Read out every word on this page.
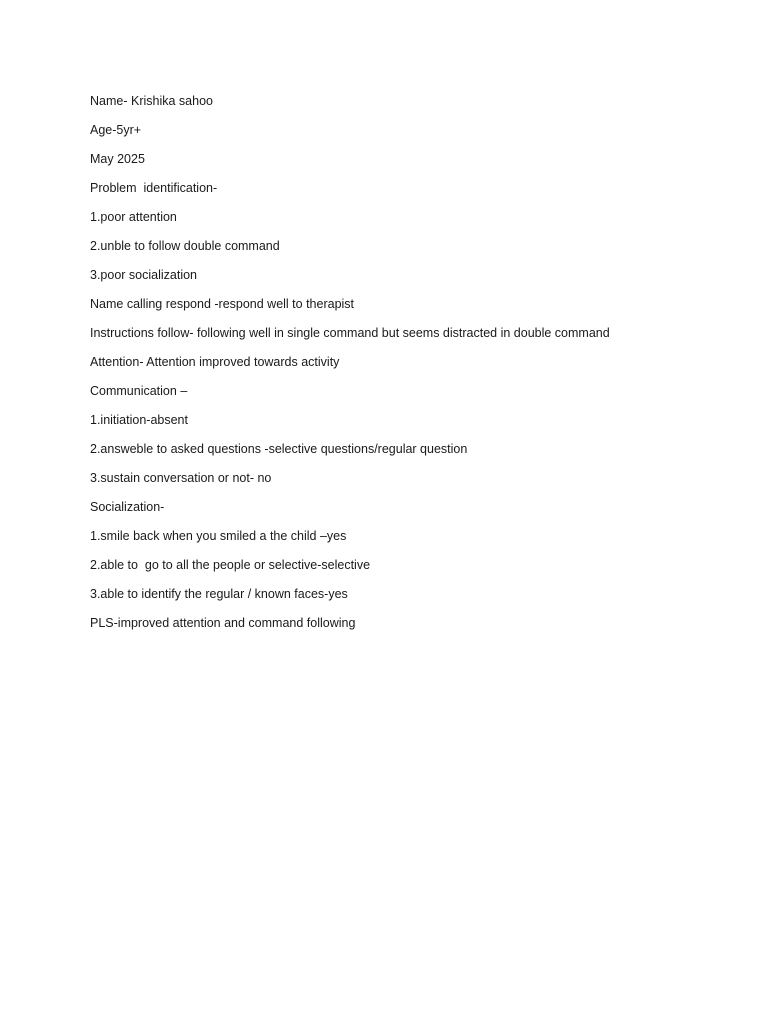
Name- Krishika sahoo
Age-5yr+
May 2025
Problem  identification-
1.poor attention
2.unble to follow double command
3.poor socialization
Name calling respond -respond well to therapist
Instructions follow- following well in single command but seems distracted in double command
Attention- Attention improved towards activity
Communication –
1.initiation-absent
2.answeble to asked questions -selective questions/regular question
3.sustain conversation or not- no
Socialization-
1.smile back when you smiled a the child –yes
2.able to  go to all the people or selective-selective
3.able to identify the regular / known faces-yes
PLS-improved attention and command following
